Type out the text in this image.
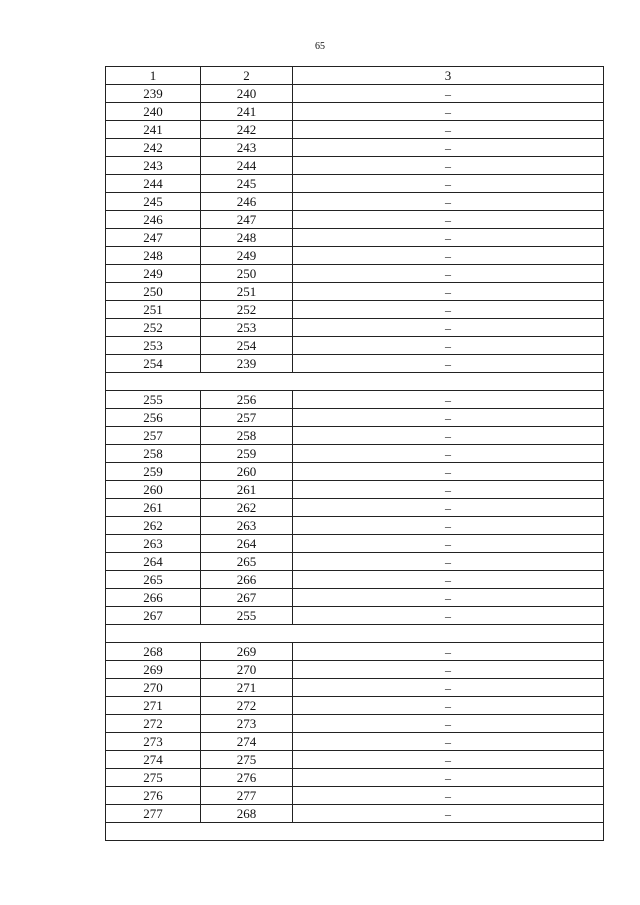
65
1	2	3
239	240	–
240	241	–
241	242	–
242	243	–
243	244	–
244	245	–
245	246	–
246	247	–
247	248	–
248	249	–
249	250	–
250	251	–
251	252	–
252	253	–
253	254	–
254	239	–

255	256	–
256	257	–
257	258	–
258	259	–
259	260	–
260	261	–
261	262	–
262	263	–
263	264	–
264	265	–
265	266	–
266	267	–
267	255	–

268	269	–
269	270	–
270	271	–
271	272	–
272	273	–
273	274	–
274	275	–
275	276	–
276	277	–
277	268	–
